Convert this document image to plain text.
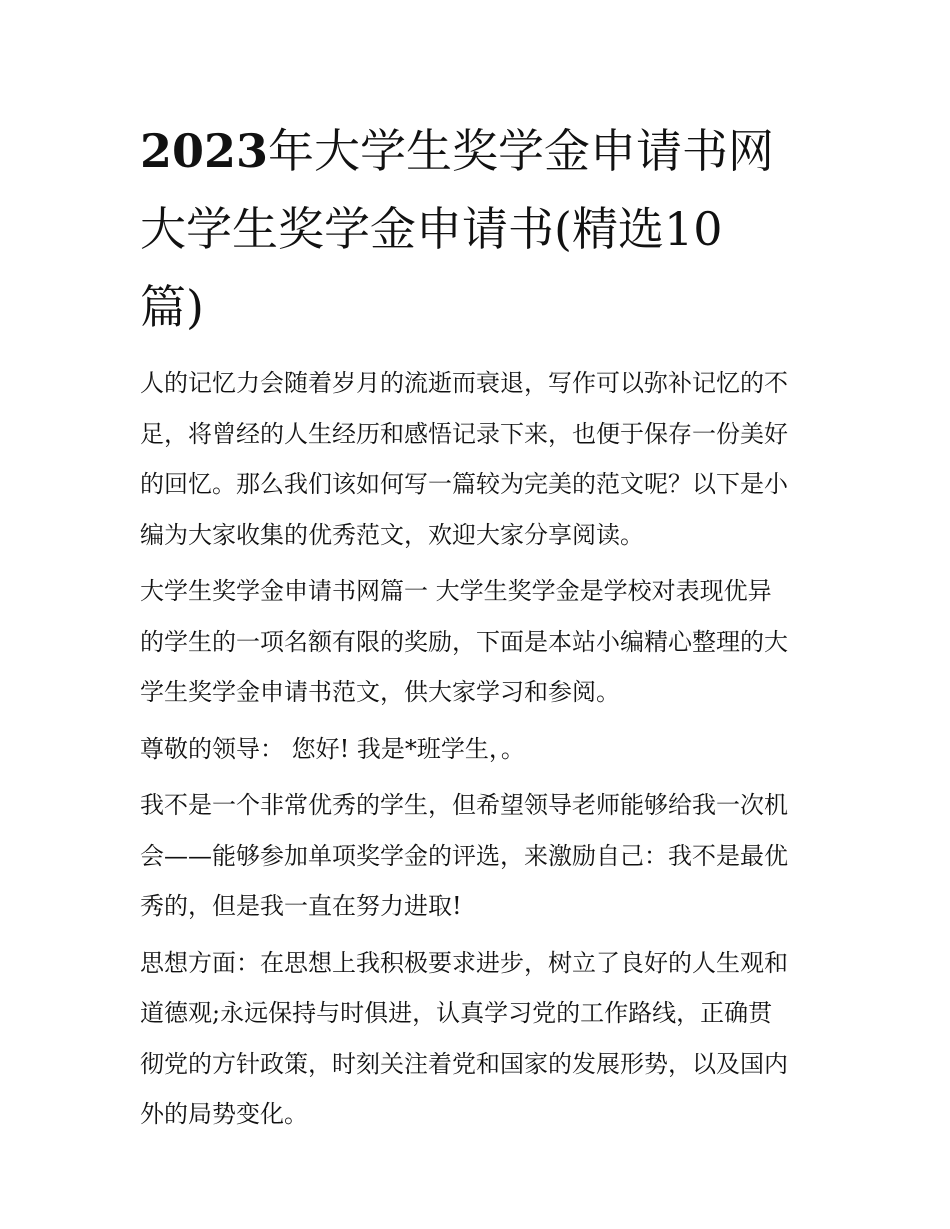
2023年大学生奖学金申请书网
大学生奖学金申请书(精选10
篇)

人的记忆力会随着岁月的流逝而衰退，写作可以弥补记忆的不
足，将曾经的人生经历和感悟记录下来，也便于保存一份美好
的回忆。那么我们该如何写一篇较为完美的范文呢？以下是小
编为大家收集的优秀范文，欢迎大家分享阅读。

大学生奖学金申请书网篇一 大学生奖学金是学校对表现优异
的学生的一项名额有限的奖励，下面是本站小编精心整理的大
学生奖学金申请书范文，供大家学习和参阅。

尊敬的领导： 您好! 我是*班学生，。

我不是一个非常优秀的学生，但希望领导老师能够给我一次机
会——能够参加单项奖学金的评选，来激励自己：我不是最优
秀的，但是我一直在努力进取!

思想方面：在思想上我积极要求进步，树立了良好的人生观和
道德观;永远保持与时俱进，认真学习党的工作路线，正确贯
彻党的方针政策，时刻关注着党和国家的发展形势，以及国内
外的局势变化。
